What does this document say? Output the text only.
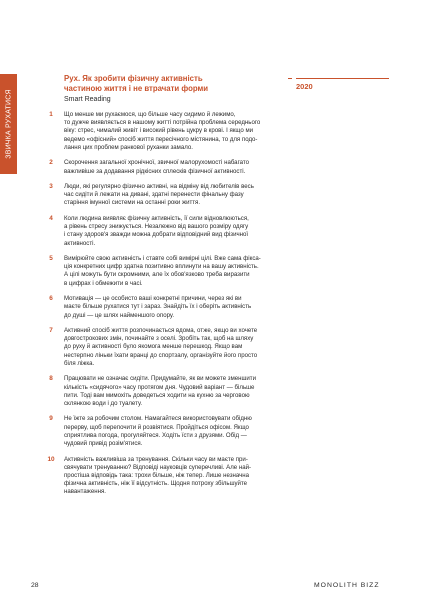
ЗВИЧКА РУХАТИСЯ
Рух. Як зробити фізичну активність
частиною життя і не втрачати форми
Smart Reading
2020
1	Що менше ми рухаємося, що більше часу сидимо й лежимо,
то дужче виявляється в нашому житті потрійна проблема середнього
віку: стрес, чималий живіт і високий рівень цукру в крові. І якщо ми
ведемо «офісний» спосіб життя пересічного містянина, то для подо-
лання цих проблем ранкової руханки замало.
2	Скорочення загальної хронічної, звичної малорухомості набагато
важливіше за додавання рідкісних сплесків фізичної активності.
3	Люди, які регулярно фізично активні, на відміну від любителів весь
час сидіти й лежати на дивані, здатні перенести фінальну фазу
старіння імунної системи на останні роки життя.
4	Коли людина виявляє фізичну активність, її сили відновлюються,
а рівень стресу знижується. Незалежно від вашого розміру одягу
і стану здоров'я зважди можна добрати відповідний вид фізичної
активності.
5	Вимірюйте свою активність і ставте собі вимірні цілі. Вже сама фікса-
ція конкретних цифр здатна позитивно вплинути на вашу активність.
А цілі можуть бути скромними, але їх обов'язково треба виразити
в цифрах і обмежити в часі.
6	Мотивація — це особисто ваші конкретні причини, через які ви
маєте більше рухатися тут і зараз. Знайдіть їх і оберіть активність
до душі — це шлях найменшого опору.
7	Активний спосіб життя розпочинається вдома, отже, якщо ви хочете
довгострокових змін, починайте з оселі. Зробіть так, щоб на шляху
до руху й активності було якомога менше перешкод. Якщо вам
нестерпно ліньки їхати вранці до спортзалу, організуйте його просто
біля ліжка.
8	Працювати не означає сидіти. Придумайте, як ви можете зменшити
кількість «сидячого» часу протягом дня. Чудовий варіант — більше
пити. Тоді вам мимохіть доведеться ходити на кухню за черговою
склянкою води і до туалету.
9	Не їжте за робочим столом. Намагайтеся використовувати обідню
перерву, щоб перепочити й розвіятися. Пройдіться офісом. Якщо
сприятлива погода, прогуляйтеся. Ходіть їсти з друзями. Обід —
чудовий привід розім'ятися.
10	Активність важливіша за тренування. Скільки часу ви маєте при-
свячувати тренуванню? Відповіді науковців суперечливі. Але най-
простіша відповідь така: трохи більше, ніж тепер. Лише незначна
фізична активність, ніж її відсутність. Щодня потроху збільшуйте
навантаження.
28	MONOLITH BIZZ
